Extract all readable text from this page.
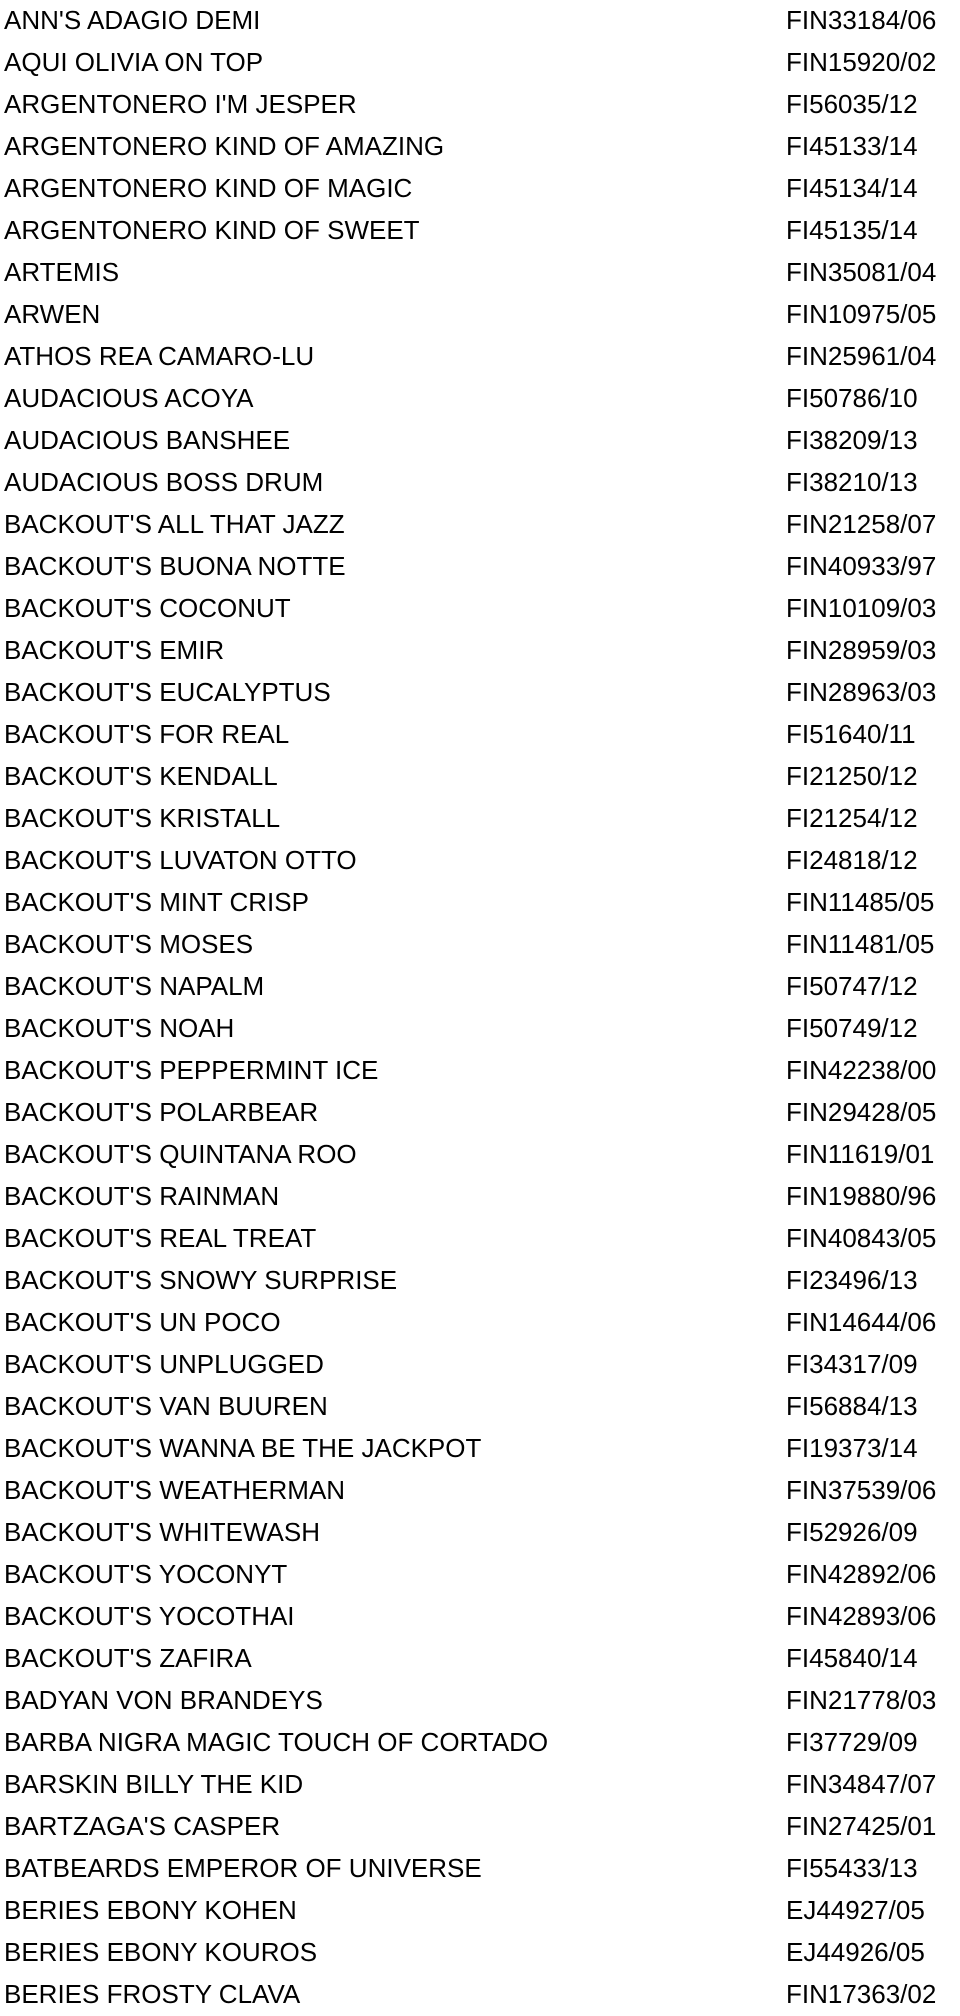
ANN'S ADAGIO DEMI	FIN33184/06
AQUI OLIVIA ON TOP	FIN15920/02
ARGENTONERO I'M JESPER	FI56035/12
ARGENTONERO KIND OF AMAZING	FI45133/14
ARGENTONERO KIND OF MAGIC	FI45134/14
ARGENTONERO KIND OF SWEET	FI45135/14
ARTEMIS	FIN35081/04
ARWEN	FIN10975/05
ATHOS REA CAMARO-LU	FIN25961/04
AUDACIOUS ACOYA	FI50786/10
AUDACIOUS BANSHEE	FI38209/13
AUDACIOUS BOSS DRUM	FI38210/13
BACKOUT'S ALL THAT JAZZ	FIN21258/07
BACKOUT'S BUONA NOTTE	FIN40933/97
BACKOUT'S COCONUT	FIN10109/03
BACKOUT'S EMIR	FIN28959/03
BACKOUT'S EUCALYPTUS	FIN28963/03
BACKOUT'S FOR REAL	FI51640/11
BACKOUT'S KENDALL	FI21250/12
BACKOUT'S KRISTALL	FI21254/12
BACKOUT'S LUVATON OTTO	FI24818/12
BACKOUT'S MINT CRISP	FIN11485/05
BACKOUT'S MOSES	FIN11481/05
BACKOUT'S NAPALM	FI50747/12
BACKOUT'S NOAH	FI50749/12
BACKOUT'S PEPPERMINT ICE	FIN42238/00
BACKOUT'S POLARBEAR	FIN29428/05
BACKOUT'S QUINTANA ROO	FIN11619/01
BACKOUT'S RAINMAN	FIN19880/96
BACKOUT'S REAL TREAT	FIN40843/05
BACKOUT'S SNOWY SURPRISE	FI23496/13
BACKOUT'S UN POCO	FIN14644/06
BACKOUT'S UNPLUGGED	FI34317/09
BACKOUT'S VAN BUUREN	FI56884/13
BACKOUT'S WANNA BE THE JACKPOT	FI19373/14
BACKOUT'S WEATHERMAN	FIN37539/06
BACKOUT'S WHITEWASH	FI52926/09
BACKOUT'S YOCONYT	FIN42892/06
BACKOUT'S YOCOTHAI	FIN42893/06
BACKOUT'S ZAFIRA	FI45840/14
BADYAN VON BRANDEYS	FIN21778/03
BARBA NIGRA MAGIC TOUCH OF CORTADO	FI37729/09
BARSKIN BILLY THE KID	FIN34847/07
BARTZAGA'S CASPER	FIN27425/01
BATBEARDS EMPEROR OF UNIVERSE	FI55433/13
BERIES EBONY KOHEN	EJ44927/05
BERIES EBONY KOUROS	EJ44926/05
BERIES FROSTY CLAVA	FIN17363/02
